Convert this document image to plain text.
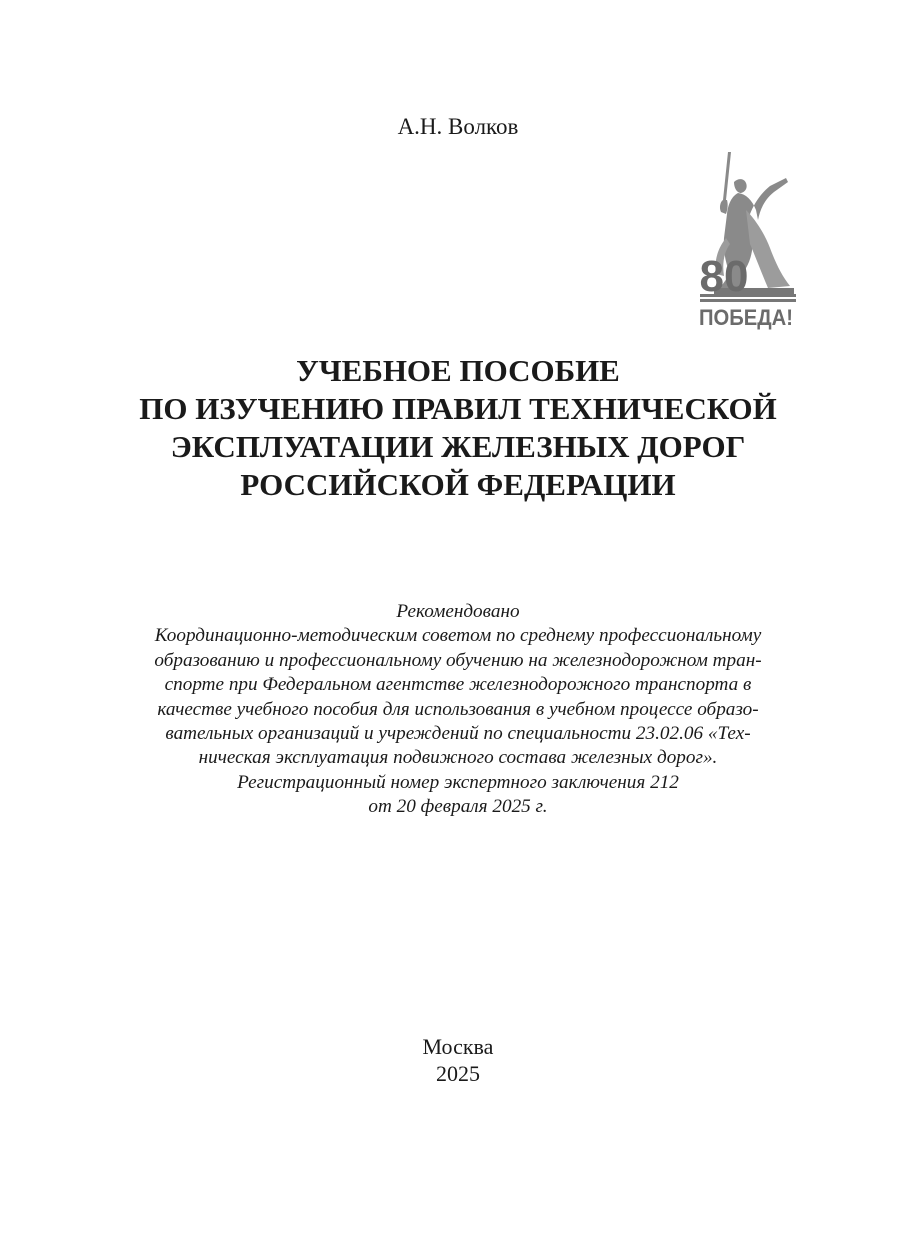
А.Н. Волков
80
ПОБЕДА!
УЧЕБНОЕ ПОСОБИЕ
ПО ИЗУЧЕНИЮ ПРАВИЛ ТЕХНИЧЕСКОЙ
ЭКСПЛУАТАЦИИ ЖЕЛЕЗНЫХ ДОРОГ
РОССИЙСКОЙ ФЕДЕРАЦИИ
Рекомендовано
Координационно-методическим советом по среднему профессиональному
образованию и профессиональному обучению на железнодорожном тран-
спорте при Федеральном агентстве железнодорожного транспорта в
качестве учебного пособия для использования в учебном процессе образо-
вательных организаций и учреждений по специальности 23.02.06 «Тех-
ническая эксплуатация подвижного состава железных дорог».
Регистрационный номер экспертного заключения 212
от 20 февраля 2025 г.
Москва
2025
